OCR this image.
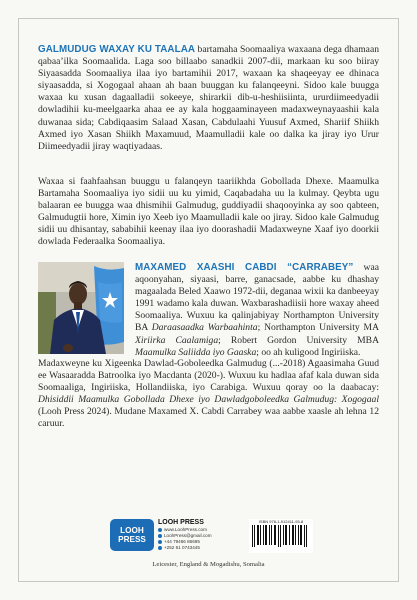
GALMUDUG WAXAY KU TAALAA bartamaha Soomaaliya waxaana dega dhamaan qabaa’ilka Soomaalida. Laga soo billaabo sanadkii 2007-dii, markaan ku soo biiray Siyaasadda Soomaaliya ilaa iyo bartamihii 2017, waxaan ka shaqeeyay ee dhinaca siyaasadda, si Xogogaal ahaan ah baan buuggan ku falanqeeyni. Sidoo kale buugga waxaa ku xusan dagaalladii sokeeye, shirarkii dib-u-heshiisiinta, ururdiimeedyadii dowladihii ku-meelgaarka ahaa ee ay kala hoggaaminayeen madaxweynayaashii kala duwanaa sida; Cabdiqaasim Salaad Xasan, Cabdulaahi Yuusuf Axmed, Shariif Shiikh Axmed iyo Xasan Shiikh Maxamuud, Maamulladii kale oo dalka ka jiray iyo Urur Diimeedyadii jiray waqtiyadaas.

Waxaa si faahfaahsan buuggu u falanqeyn taariikhda Gobollada Dhexe. Maamulka Bartamaha Soomaaliya iyo sidii uu ku yimid, Caqabadaha uu la kulmay. Qeybta ugu balaaran ee buugga waa dhismihii Galmudug, guddiyadii shaqooyinka ay soo qabteen, Galmudugtii hore, Ximin iyo Xeeb iyo Maamulladii kale oo jiray. Sidoo kale Galmudug sidii uu dhisantay, sababihii keenay ilaa iyo doorashadii Madaxweyne Xaaf iyo doorkii dowlada Federaalka Soomaaliya.

MAXAMED XAASHI CABDI “CARRABEY” waa aqoonyahan, siyaasi, barre, ganacsade, aabbe ku dhashay magaalada Beled Xaawo 1972-dii, deganaa wixii ka danbeeyay 1991 wadamo kala duwan. Waxbarashadiisii hore waxay aheed Soomaaliya. Wuxuu ka qalinjabiyay Northampton University BA Daraasaadka Warbaahinta; Northampton University MA Xiriirka Caalamiga; Robert Gordon University MBA Maamulka Saliidda iyo Gaaska; oo ah kuligood Ingiriiska.

Madaxweyne ku Xigeenka Dawlad-Goboleedka Galmudug (...-2018) Agaasimaha Guud ee Wasaaradda Batroolka iyo Macdanta (2020-). Wuxuu ku hadlaa afaf kala duwan sida Soomaaliga, Ingiriiska, Hollandiiska, iyo Carabiga. Wuxuu qoray oo la daabacay: Dhisiddii Maamulka Gobollada Dhexe iyo Dawladgoboleedka Galmudug: Xogogaal (Looh Press 2024). Mudane Maxamed X. Cabdi Carrabey waa aabbe xaasle ah lehna 12 caruur.

LOOH
PRESS
LOOH PRESS
www.LoohPress.com
LoohPress@gmail.com
+44 79466 86695
+252 61 0743445
ISBN 978-1-912411-93-8
Leicester, England & Mogadishu, Somalia
